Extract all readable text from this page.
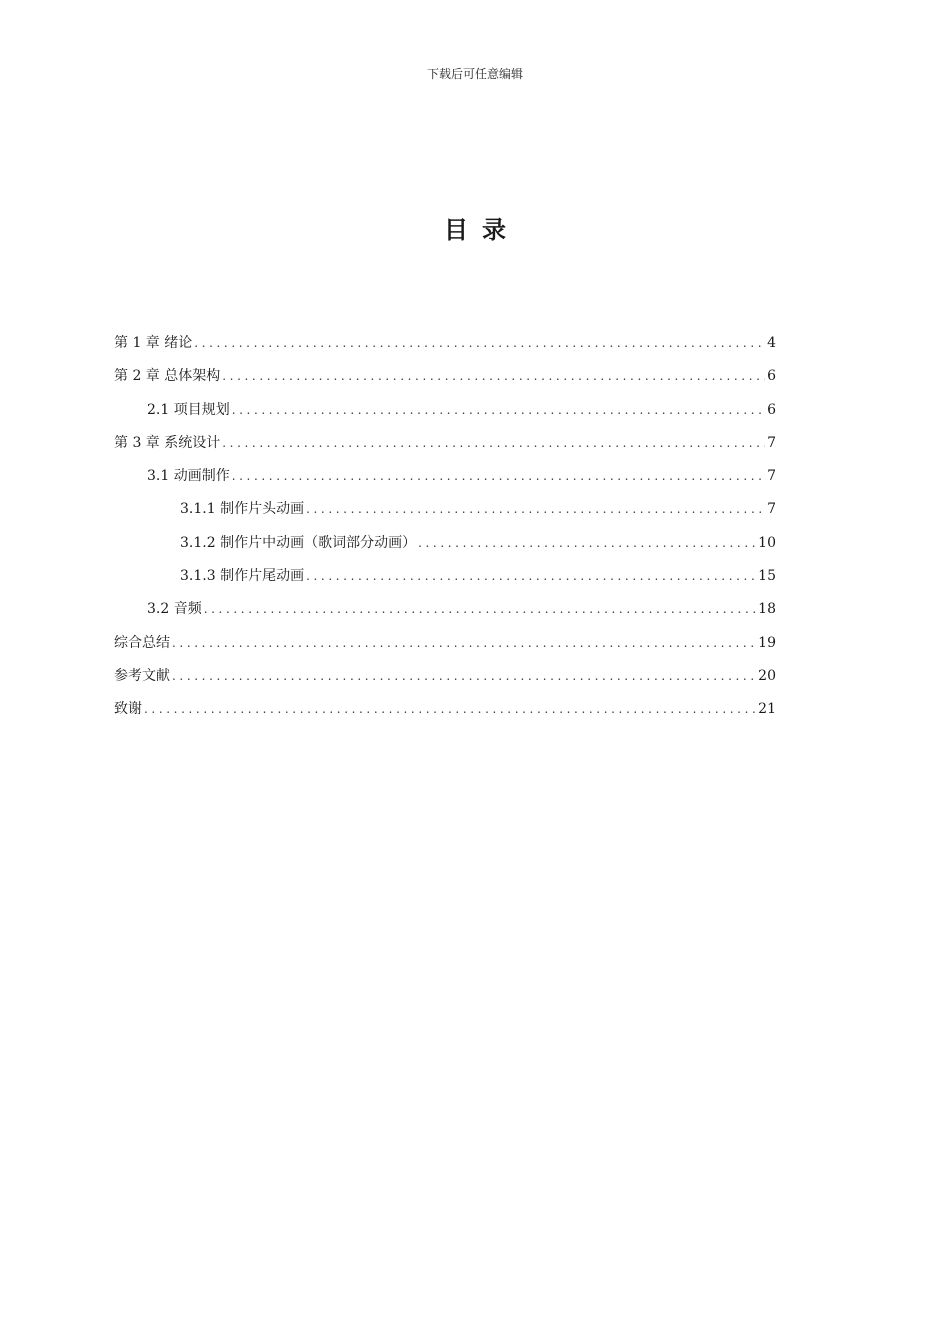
下载后可任意编辑
目录
第 1 章 绪论 .....	4
第 2 章 总体架构 .....	6
2.1 项目规划 .....	6
第 3 章 系统设计 .....	7
3.1 动画制作 .....	7
3.1.1 制作片头动画 .....	7
3.1.2 制作片中动画（歌词部分动画） .....	10
3.1.3 制作片尾动画 .....	15
3.2 音频 .....	18
综合总结 .....	19
参考文献 .....	20
致谢 .....	21
